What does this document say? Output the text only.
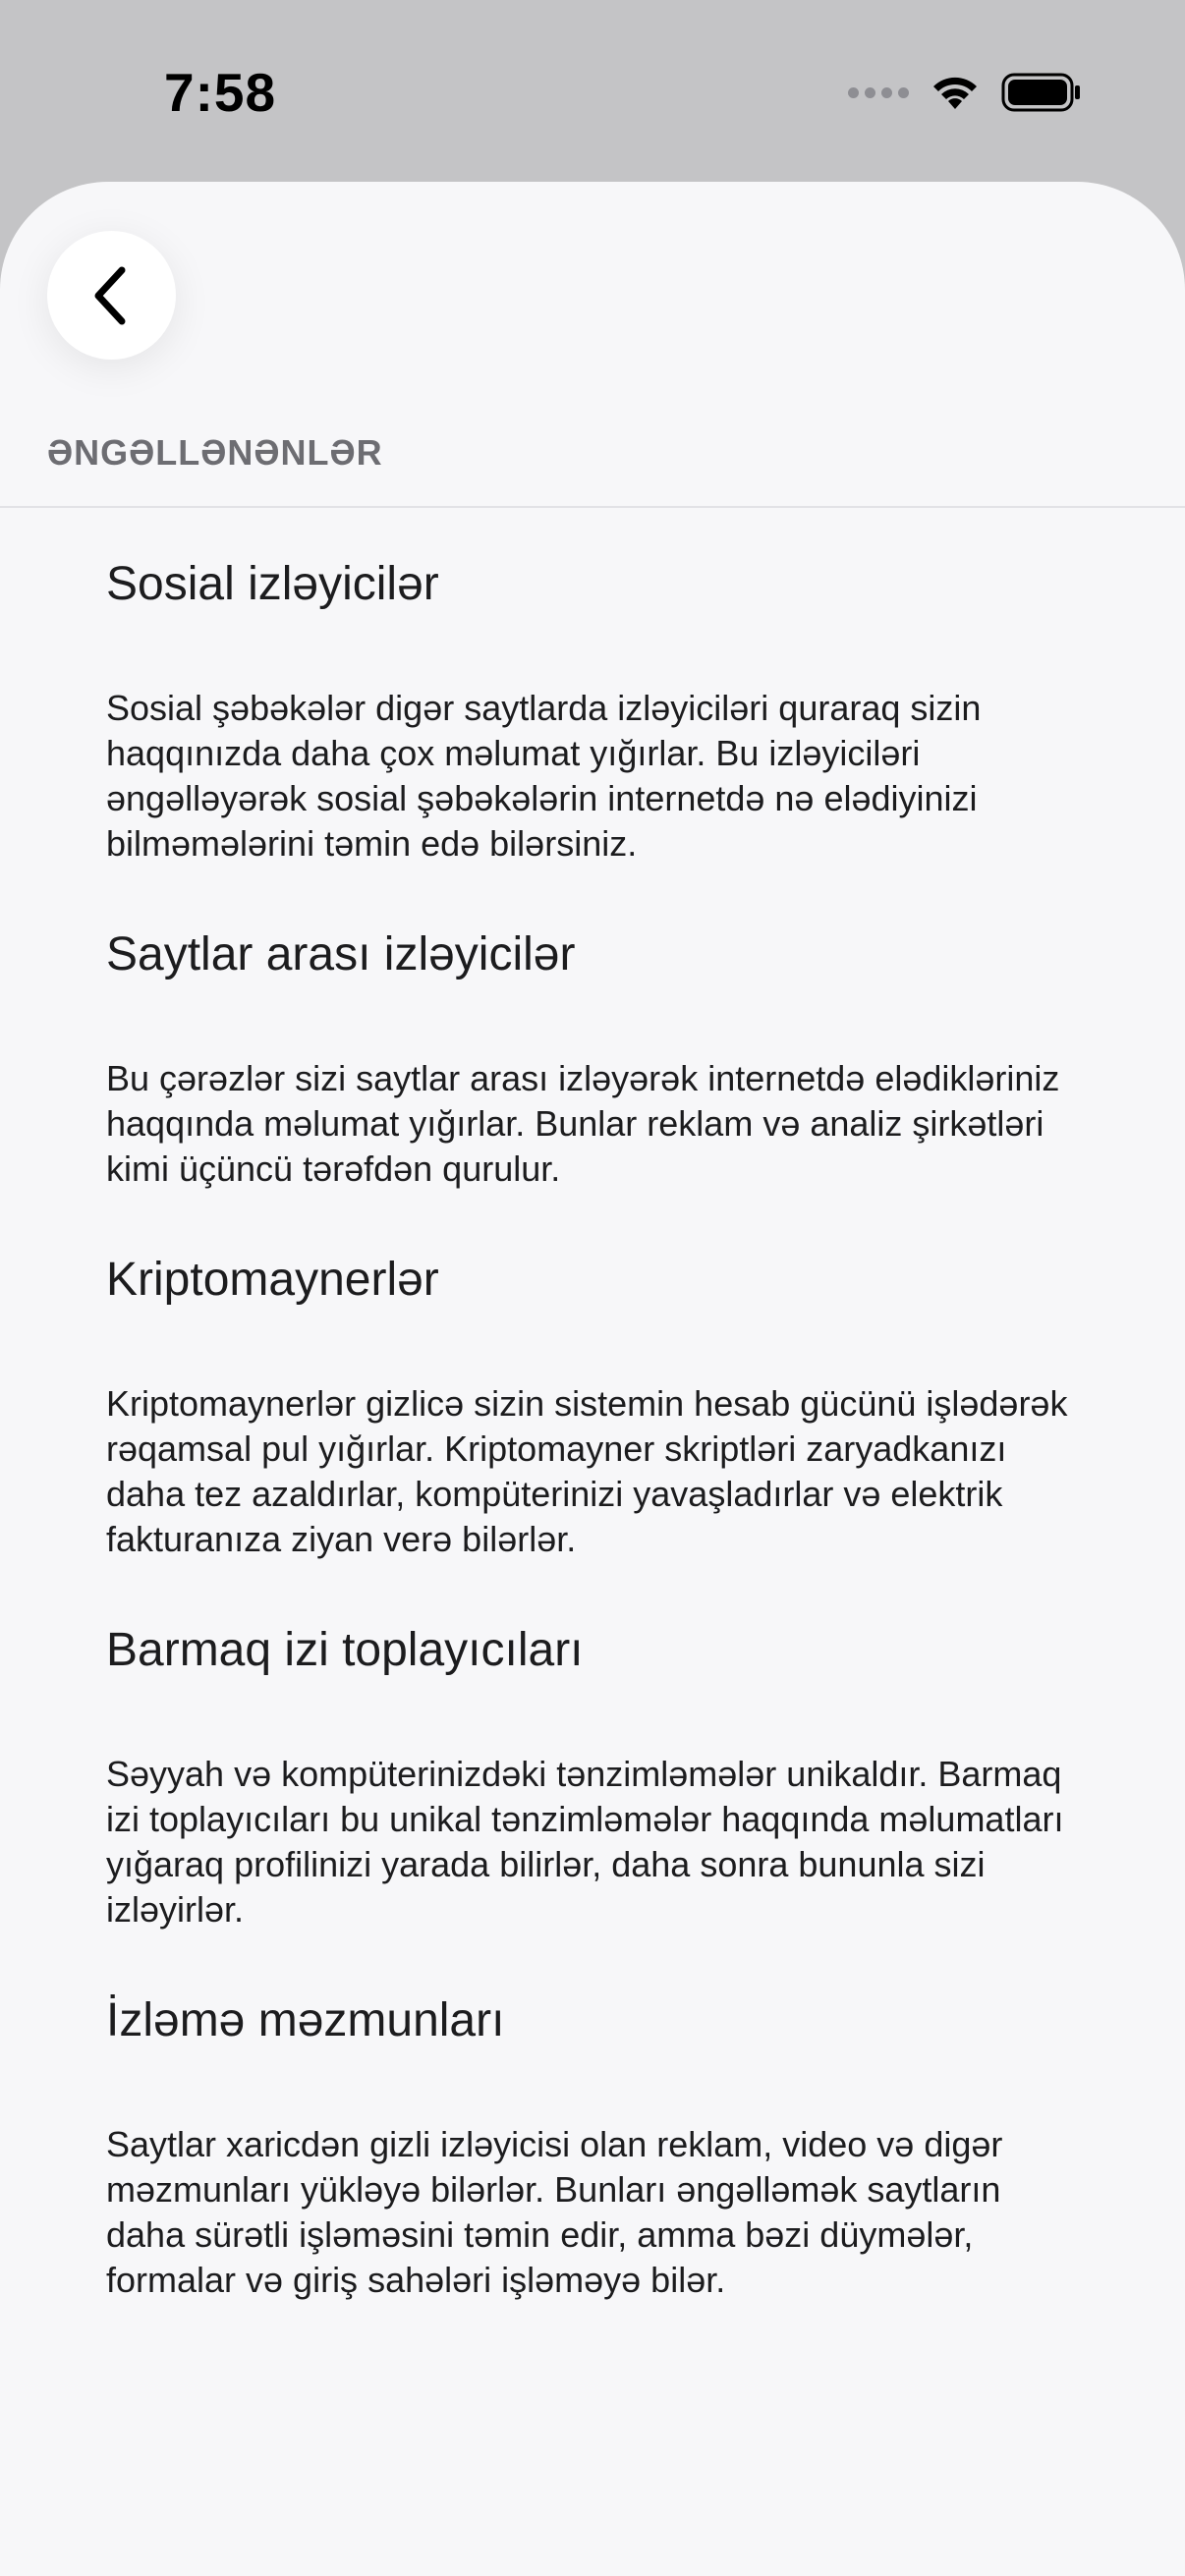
7:58
ƏNGƏLLƏNƏNLƏR

Sosial izləyicilər

Sosial şəbəkələr digər saytlarda izləyiciləri quraraq sizin haqqınızda daha çox məlumat yığırlar. Bu izləyiciləri əngəlləyərək sosial şəbəkələrin internetdə nə elədiyinizi bilməmələrini təmin edə bilərsiniz.

Saytlar arası izləyicilər

Bu çərəzlər sizi saytlar arası izləyərək internetdə elədikləriniz haqqında məlumat yığırlar. Bunlar reklam və analiz şirkətləri kimi üçüncü tərəfdən qurulur.

Kriptomaynerlər

Kriptomaynerlər gizlicə sizin sistemin hesab gücünü işlədərək rəqamsal pul yığırlar. Kriptomayner skriptləri zaryadkanızı daha tez azaldırlar, kompüterinizi yavaşladırlar və elektrik fakturanıza ziyan verə bilərlər.

Barmaq izi toplayıcıları

Səyyah və kompüterinizdəki tənzimləmələr unikaldır. Barmaq izi toplayıcıları bu unikal tənzimləmələr haqqında məlumatları yığaraq profilinizi yarada bilirlər, daha sonra bununla sizi izləyirlər.

İzləmə məzmunları

Saytlar xaricdən gizli izləyicisi olan reklam, video və digər məzmunları yükləyə bilərlər. Bunları əngəlləmək saytların daha sürətli işləməsini təmin edir, amma bəzi düymələr, formalar və giriş sahələri işləməyə bilər.
